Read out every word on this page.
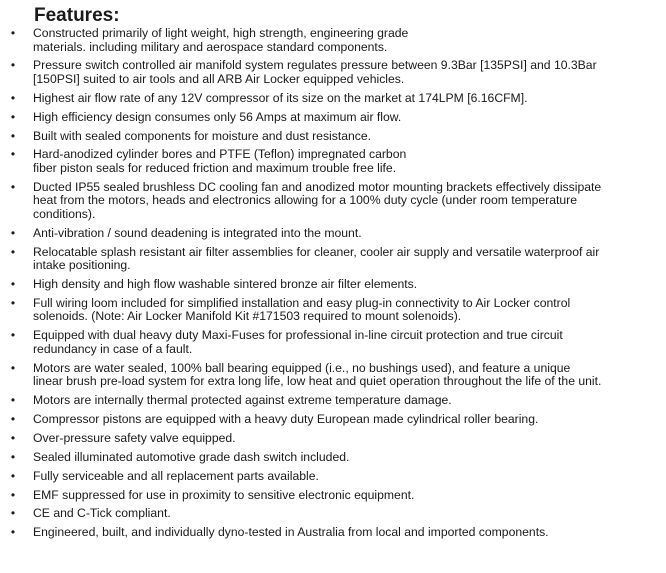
Features:
• Constructed primarily of light weight, high strength, engineering grade
materials. including military and aerospace standard components.
• Pressure switch controlled air manifold system regulates pressure between 9.3Bar [135PSI] and 10.3Bar
[150PSI] suited to air tools and all ARB Air Locker equipped vehicles.
• Highest air flow rate of any 12V compressor of its size on the market at 174LPM [6.16CFM].
• High efficiency design consumes only 56 Amps at maximum air flow.
• Built with sealed components for moisture and dust resistance.
• Hard-anodized cylinder bores and PTFE (Teflon) impregnated carbon
fiber piston seals for reduced friction and maximum trouble free life.
• Ducted IP55 sealed brushless DC cooling fan and anodized motor mounting brackets effectively dissipate
heat from the motors, heads and electronics allowing for a 100% duty cycle (under room temperature
conditions).
• Anti-vibration / sound deadening is integrated into the mount.
• Relocatable splash resistant air filter assemblies for cleaner, cooler air supply and versatile waterproof air
intake positioning.
• High density and high flow washable sintered bronze air filter elements.
• Full wiring loom included for simplified installation and easy plug-in connectivity to Air Locker control
solenoids. (Note: Air Locker Manifold Kit #171503 required to mount solenoids).
• Equipped with dual heavy duty Maxi-Fuses for professional in-line circuit protection and true circuit
redundancy in case of a fault.
• Motors are water sealed, 100% ball bearing equipped (i.e., no bushings used), and feature a unique
linear brush pre-load system for extra long life, low heat and quiet operation throughout the life of the unit.
• Motors are internally thermal protected against extreme temperature damage.
• Compressor pistons are equipped with a heavy duty European made cylindrical roller bearing.
• Over-pressure safety valve equipped.
• Sealed illuminated automotive grade dash switch included.
• Fully serviceable and all replacement parts available.
• EMF suppressed for use in proximity to sensitive electronic equipment.
• CE and C-Tick compliant.
• Engineered, built, and individually dyno-tested in Australia from local and imported components.
